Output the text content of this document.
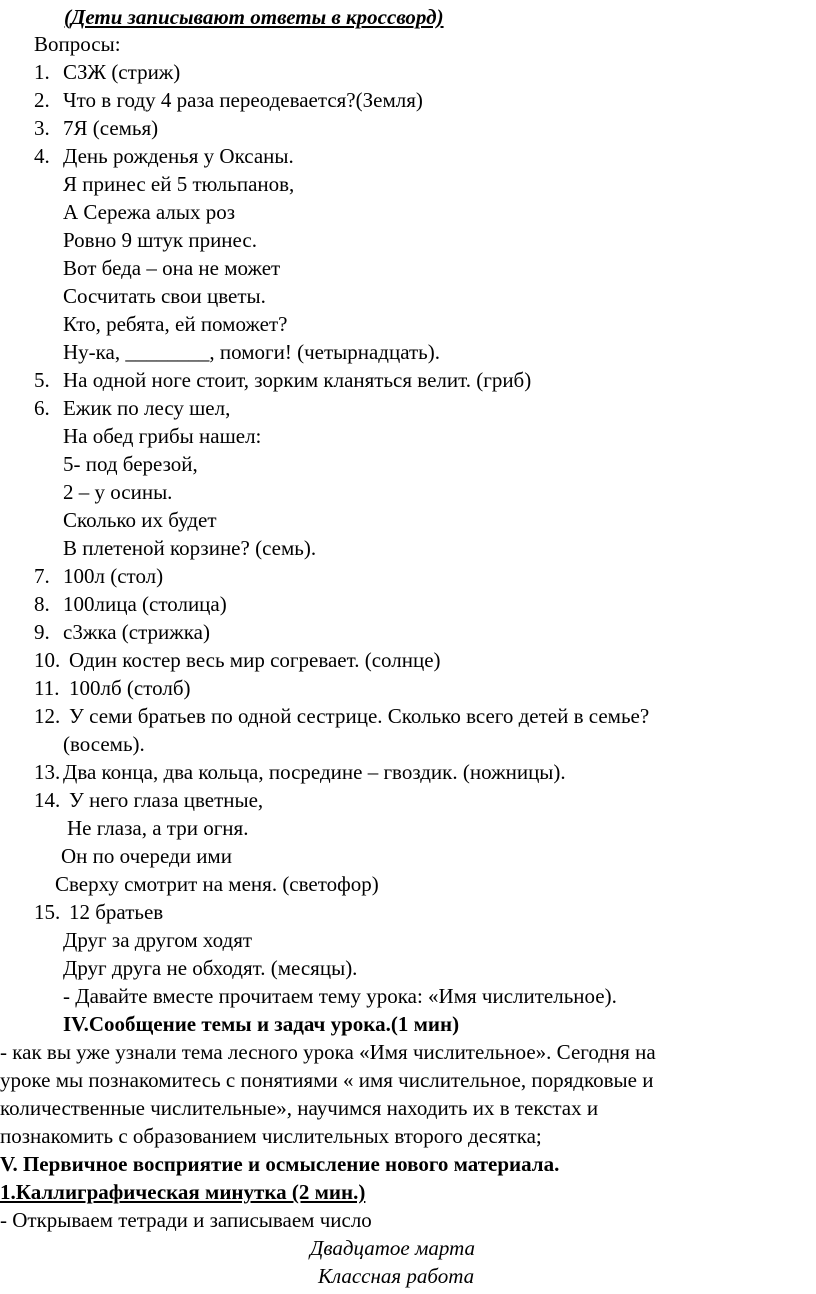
(Дети записывают ответы в кроссворд)
Вопросы:
1. СЗЖ (стриж)
2. Что в году 4 раза переодевается?(Земля)
3. 7Я (семья)
4. День рожденья у Оксаны.
Я принес ей 5 тюльпанов,
А Сережа алых роз
Ровно 9 штук принес.
Вот беда – она не может
Сосчитать свои цветы.
Кто, ребята, ей поможет?
Ну-ка, ________, помоги! (четырнадцать).
5. На одной ноге стоит, зорким кланяться велит. (гриб)
6. Ежик по лесу шел,
На обед грибы нашел:
5- под березой,
2 – у осины.
Сколько их будет
В плетеной корзине? (семь).
7. 100л (стол)
8. 100лица (столица)
9. с3жка (стрижка)
10. Один костер весь мир согревает. (солнце)
11. 100лб (столб)
12. У семи братьев по одной сестрице. Сколько всего детей в семье?
(восемь).
13. Два конца, два кольца, посредине – гвоздик. (ножницы).
14. У него глаза цветные,
Не глаза, а три огня.
Он по очереди ими
Сверху смотрит на меня. (светофор)
15. 12 братьев
Друг за другом ходят
Друг друга не обходят. (месяцы).
- Давайте вместе прочитаем тему урока: «Имя числительное).
IV.Сообщение темы и задач урока.(1 мин)
- как вы уже узнали тема лесного урока «Имя числительное». Сегодня на
уроке мы познакомитесь с понятиями « имя числительное, порядковые и
количественные числительные», научимся находить их в текстах и
познакомить с образованием числительных второго десятка;
V. Первичное восприятие и осмысление нового материала.
1.Каллиграфическая минутка (2 мин.)
- Открываем тетради и записываем число
Двадцатое марта
Классная работа
